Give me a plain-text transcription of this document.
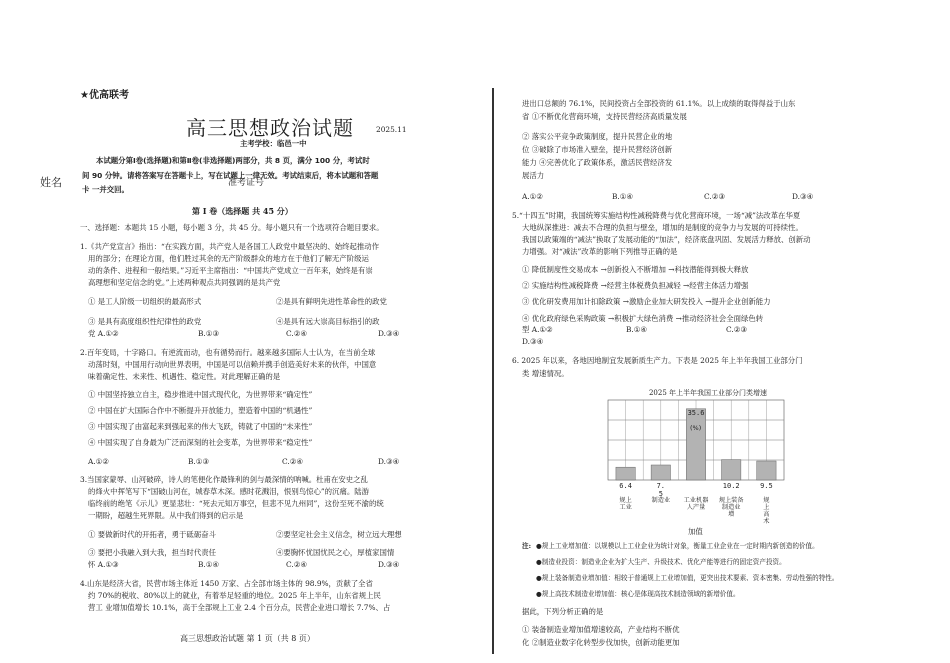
★优高联考
高三思想政治试题	2025.11
主考学校：临邑一中
本试题分第Ⅰ卷(选择题)和第Ⅱ卷(非选择题)两部分，共 8 页，满分 100 分，考试时
间 90 分钟。请将答案写在答题卡上，写在试题上一律无效。考试结束后，将本试题和答题
卡 一并交回。
姓名	准考证号
第 Ⅰ 卷（选择题 共 45 分）
一、选择题：本题共 15 小题，每小题 3 分，共 45 分。每小题只有一个选项符合题目要求。
1.《共产党宣言》指出：“在实践方面，共产党人是各国工人政党中最坚决的、始终起推动作
用的部分；在理论方面，他们胜过其余的无产阶级群众的地方在于他们了解无产阶级运
动的条件、进程和一般结果。”习近平主席指出：“中国共产党成立一百年来，始终是有崇
高理想和坚定信念的党。”上述两种观点共同强调的是共产党
① 是工人阶级一切组织的最高形式	②是具有鲜明先进性革命性的政党
③ 是具有高度组织性纪律性的政党	④是具有远大崇高目标指引的政
党 A.①②	B.①③	C.②④	D.③④
2.百年变局，十字路口。有逆流而动，也有循势而行。越来越多国际人士认为，在当前全球
动荡时刻，中国用行动向世界表明，中国是可以信赖并携手创造美好未来的伙伴，中国意
味着确定性、未来性、机遇性、稳定性。对此理解正确的是
① 中国坚持独立自主，稳步推进中国式现代化，为世界带来“确定性”
② 中国在扩大国际合作中不断提升开放能力，塑造着中国的“机遇性”
③ 中国实现了由富起来到强起来的伟大飞跃，铸就了中国的“未来性”
④ 中国实现了自身最为广泛而深刻的社会变革，为世界带来“稳定性”
A.①②	B.①③	C.②④	D.③④
3.当国家蒙辱、山河破碎，诗人的笔便化作最锋利的剑与最深情的呐喊。杜甫在安史之乱
的烽火中挥笔写下“国破山河在，城春草木深。感时花溅泪，恨别鸟惊心”的沉痛。陆游
临终前的绝笔《示儿》更显悲壮：“死去元知万事空，但悲不见九州同”，这份至死不渝的统
一期盼，超越生死界限。从中我们得到的启示是
① 要做新时代的开拓者，勇于砥砺奋斗	②要坚定社会主义信念，树立远大理想
③ 要把小我融入到大我，担当时代责任	④要胸怀忧国忧民之心，厚植家国情
怀 A.①③	B.①④	C.②④	D.③④
4.山东是经济大省，民营市场主体近 1450 万家、占全部市场主体的 98.9%，贡献了全省
约 70%的税收、80%以上的就业，有着举足轻重的地位。2025 年上半年，山东省规上民
营工 业增加值增长 10.1%，高于全部规上工业 2.4 个百分点，民营企业进口增长 7.7%、占
高三思想政治试题 第 1 页（共 8 页）
进出口总额的 76.1%，民间投资占全部投资的 61.1%。以上成绩的取得得益于山东
省 ①不断优化营商环境，支持民营经济高质量发展
② 落实公平竞争政策制度，提升民营企业的地
位 ③破除了市场准入壁垒，提升民营经济创新
能力 ④完善优化了政策体系，激活民营经济发
展活力
A.①②	B.①④	C.②③	D.③④
5.“十四五”时期，我国统筹实施结构性减税降费与优化营商环境，一场“减”法改革在华夏
大地纵深推进：减去不合理的负担与壁垒，增加的是制度的竞争力与发展的可持续性。
我国以政策端的“减法”换取了发展动能的“加法”，经济底盘巩固、发展活力释放、创新动
力增强。对“减法”改革的影响下列推导正确的是
① 降低制度性交易成本 →创新投入不断增加 →科技潜能得到极大释放
② 实施结构性减税降费 →经营主体税费负担减轻 →经营主体活力增强
③ 优化研发费用加计扣除政策 →激励企业加大研发投入 →提升企业创新能力
④ 优化政府绿色采购政策 →积极扩大绿色消费 →推动经济社会全面绿色转
型 A.①②	B.①④	C.②③
D.③④
6. 2025 年以来，各地因地制宜发展新质生产力。下表是 2025 年上半年我国工业部分门
类 增速情况。
2025 年上半年我国工业部分门类增速
6.4
规上工业
7. 5
制造业
35.6
工业机器人产量
10.2
规上装备制造业增
9.5
规上高术
(%)
加值
注: ●规上工业增加值：以规模以上工业企业为统计对象，衡量工业企业在一定时期内新创造的价值。
●制造业投资：制造业企业为扩大生产、升级技术、优化产能等进行的固定资产投资。
●规上装备制造业增加值：相较于普通规上工业增加值，更突出技术要素、资本密集、劳动性强的特性。
●规上高技术制造业增加值：核心是体现高技术制造领域的新增价值。
据此，下列分析正确的是
① 装备制造业增加值增速较高，产业结构不断优
化 ②制造业数字化转型步伐加快，创新动能更加
